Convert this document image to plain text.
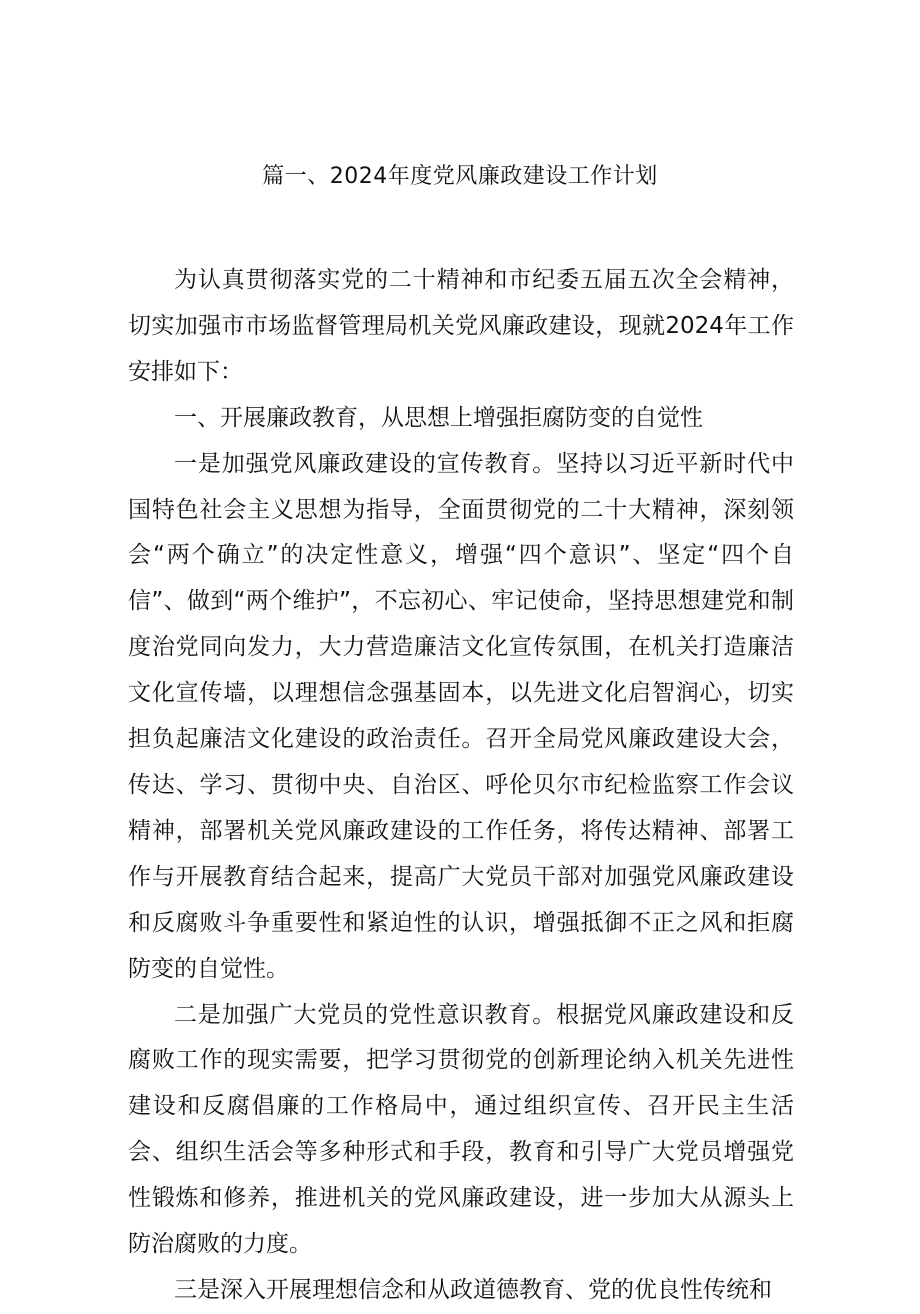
篇一、2024年度党风廉政建设工作计划

为认真贯彻落实党的二十精神和市纪委五届五次全会精神，切实加强市市场监督管理局机关党风廉政建设，现就2024年工作安排如下：

一、开展廉政教育，从思想上增强拒腐防变的自觉性

一是加强党风廉政建设的宣传教育。坚持以习近平新时代中国特色社会主义思想为指导，全面贯彻党的二十大精神，深刻领会“两个确立”的决定性意义，增强“四个意识”、坚定“四个自信”、做到“两个维护”，不忘初心、牢记使命，坚持思想建党和制度治党同向发力，大力营造廉洁文化宣传氛围，在机关打造廉洁文化宣传墙，以理想信念强基固本，以先进文化启智润心，切实担负起廉洁文化建设的政治责任。召开全局党风廉政建设大会，传达、学习、贯彻中央、自治区、呼伦贝尔市纪检监察工作会议精神，部署机关党风廉政建设的工作任务，将传达精神、部署工作与开展教育结合起来，提高广大党员干部对加强党风廉政建设和反腐败斗争重要性和紧迫性的认识，增强抵御不正之风和拒腐防变的自觉性。

二是加强广大党员的党性意识教育。根据党风廉政建设和反腐败工作的现实需要，把学习贯彻党的创新理论纳入机关先进性建设和反腐倡廉的工作格局中，通过组织宣传、召开民主生活会、组织生活会等多种形式和手段，教育和引导广大党员增强党性锻炼和修养，推进机关的党风廉政建设，进一步加大从源头上防治腐败的力度。

三是深入开展理想信念和从政道德教育、党的优良性传统和
